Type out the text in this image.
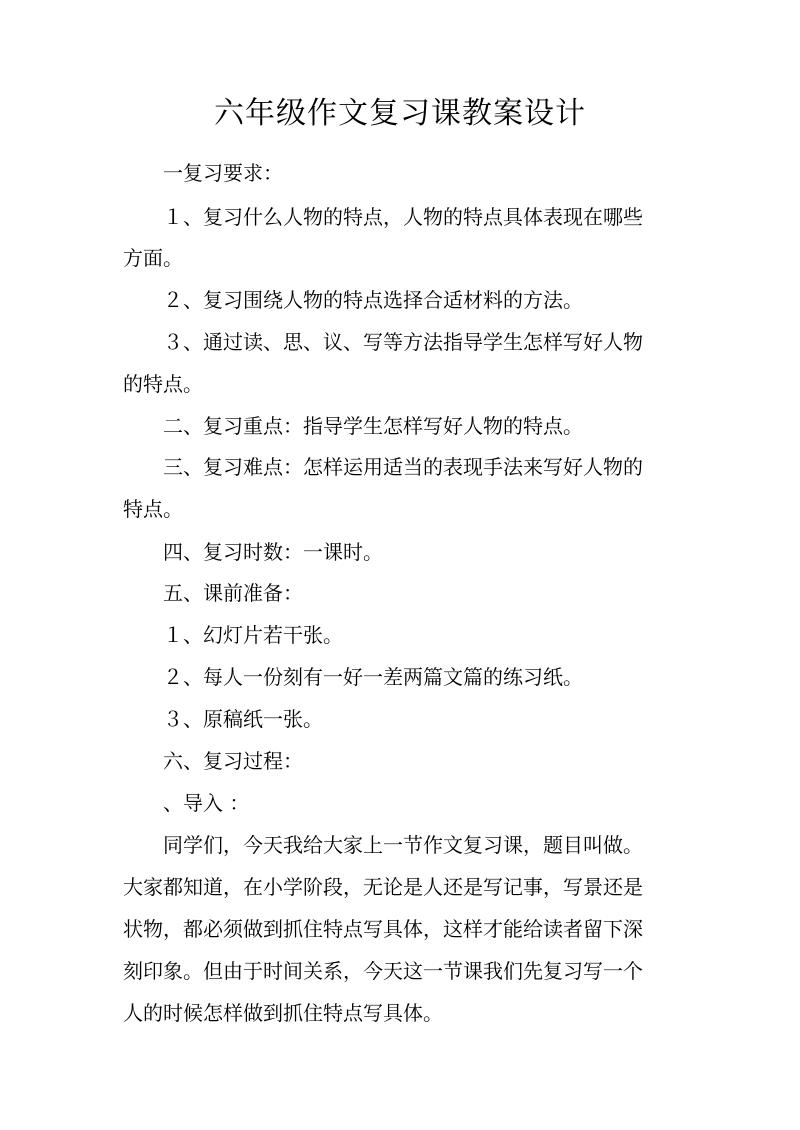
六年级作文复习课教案设计
一复习要求：
１、复习什么人物的特点，人物的特点具体表现在哪些
方面。
２、复习围绕人物的特点选择合适材料的方法。
３、通过读、思、议、写等方法指导学生怎样写好人物
的特点。
二、复习重点：指导学生怎样写好人物的特点。
三、复习难点：怎样运用适当的表现手法来写好人物的
特点。
四、复习时数：一课时。
五、课前准备：
１、幻灯片若干张。
２、每人一份刻有一好一差两篇文篇的练习纸。
３、原稿纸一张。
六、复习过程：
、导入 ：
同学们，今天我给大家上一节作文复习课，题目叫做。
大家都知道，在小学阶段，无论是人还是写记事，写景还是
状物，都必须做到抓住特点写具体，这样才能给读者留下深
刻印象。但由于时间关系，今天这一节课我们先复习写一个
人的时候怎样做到抓住特点写具体。
